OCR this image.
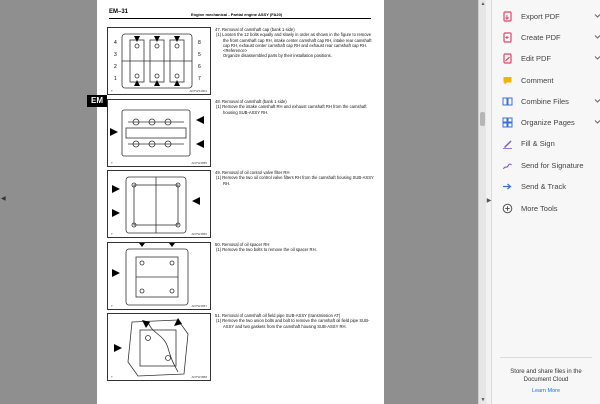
◀
EM–31	Engine mechanical - Partial engine ASSY (FA20)
EM
4	8
3	5
2	6
1	7
T	ADTWS1801
47. Removal of camshaft cap (bank 1 side)
(1) Loosen the 12 bolts equally and slowly in order as shown in the figure to remove the front camshaft cap RH, intake center camshaft cap RH, intake rear camshaft cap RH, exhaust center camshaft cap RH and exhaust rear camshaft cap RH.
<Reference>
Organize disassembled parts by their installation positions.
T	ADTW1855
48. Removal of camshaft (bank 1 side)
(1) Remove the intake camshaft RH and exhaust camshaft RH from the camshaft housing SUB-ASSY RH.
T	ADTW1856
49. Removal of oil control valve filter RH
(1) Remove the two oil control valve filters RH from the camshaft housing SUB-ASSY RH.
T	ADTW1857
50. Removal of oil spacer RH
(1) Remove the two bolts to remove the oil spacer RH.
T	ADTW1858
51. Removal of camshaft oil field pipe SUB-ASSY (transmission AT)
(1) Remove the two union bolts and bolt to remove the camshaft oil field pipe SUB-ASSY and two gaskets from the camshaft housing SUB-ASSY RH.
▲
▼
▶
Export PDF
Create PDF
Edit PDF
Comment
Combine Files
Organize Pages
Fill & Sign
Send for Signature
Send & Track
More Tools
Store and share files in the Document Cloud
Learn More
